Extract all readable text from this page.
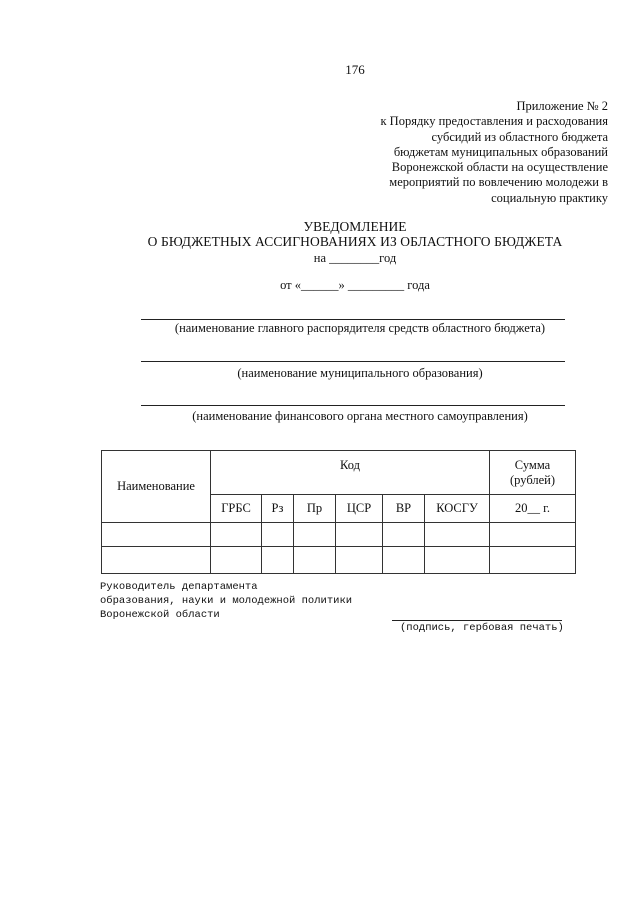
176
Приложение № 2
к Порядку предоставления и расходования
субсидий из областного бюджета
бюджетам муниципальных образований
Воронежской области на осуществление
мероприятий по вовлечению молодежи в
социальную практику
УВЕДОМЛЕНИЕ
О БЮДЖЕТНЫХ АССИГНОВАНИЯХ ИЗ ОБЛАСТНОГО БЮДЖЕТА
на ________год
от «______» _________ года
(наименование главного распорядителя средств областного бюджета)
(наименование муниципального образования)
(наименование финансового органа местного самоуправления)
Наименование	Код						Сумма
(рублей)

	ГРБС	Рз	Пр	ЦСР	ВР	КОСГУ	20__ г.

Руководитель департамента
образования, науки и молодежной политики
Воронежской области
(подпись, гербовая печать)
